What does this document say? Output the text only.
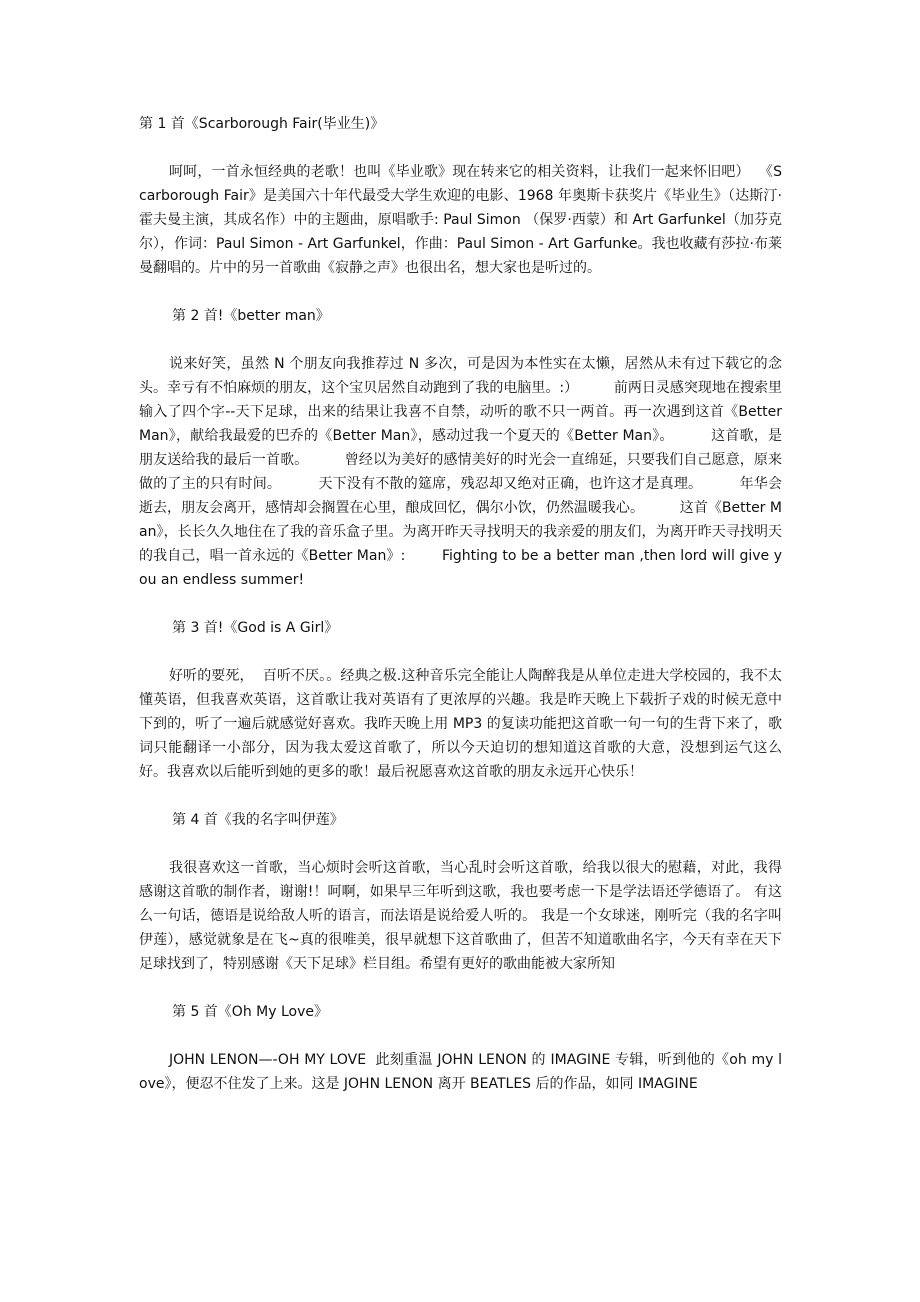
第 1 首《Scarborough Fair(毕业生)》

呵呵，一首永恒经典的老歌！也叫《毕业歌》现在转来它的相关资料，让我们一起来怀旧吧）  《Scarborough Fair》是美国六十年代最受大学生欢迎的电影、1968 年奥斯卡获奖片《毕业生》（达斯汀·霍夫曼主演，其成名作）中的主题曲，原唱歌手: Paul Simon （保罗·西蒙）和 Art Garfunkel（加芬克尔），作词：Paul Simon - Art Garfunkel，作曲：Paul Simon - Art Garfunke。我也收藏有莎拉·布莱曼翻唱的。片中的另一首歌曲《寂静之声》也很出名，想大家也是听过的。

第 2 首!《better man》

说来好笑，虽然 N 个朋友向我推荐过 N 多次，可是因为本性实在太懒，居然从未有过下载它的念头。幸亏有不怕麻烦的朋友，这个宝贝居然自动跑到了我的电脑里。:）        前两日灵感突现地在搜索里输入了四个字--天下足球，出来的结果让我喜不自禁，动听的歌不只一两首。再一次遇到这首《Better Man》，献给我最爱的巴乔的《Better Man》，感动过我一个夏天的《Better Man》。        这首歌，是朋友送给我的最后一首歌。        曾经以为美好的感情美好的时光会一直绵延，只要我们自己愿意，原来做的了主的只有时间。        天下没有不散的筵席，残忍却又绝对正确，也许这才是真理。        年华会逝去，朋友会离开，感情却会搁置在心里，酿成回忆，偶尔小饮，仍然温暖我心。        这首《Better Man》，长长久久地住在了我的音乐盒子里。为离开昨天寻找明天的我亲爱的朋友们，为离开昨天寻找明天的我自己，唱一首永远的《Better Man》:        Fighting to be a better man ,then lord will give you an endless summer!

第 3 首!《God is A Girl》

好听的要死，  百听不厌。。经典之极.这种音乐完全能让人陶醉我是从单位走进大学校园的，我不太懂英语，但我喜欢英语，这首歌让我对英语有了更浓厚的兴趣。我是昨天晚上下载折子戏的时候无意中下到的，听了一遍后就感觉好喜欢。我昨天晚上用 MP3 的复读功能把这首歌一句一句的生背下来了，歌词只能翻译一小部分，因为我太爱这首歌了，所以今天迫切的想知道这首歌的大意，没想到运气这么好。我喜欢以后能听到她的更多的歌！最后祝愿喜欢这首歌的朋友永远开心快乐！

第 4 首《我的名字叫伊莲》

我很喜欢这一首歌，当心烦时会听这首歌，当心乱时会听这首歌，给我以很大的慰藉，对此，我得感谢这首歌的制作者，谢谢!！呵啊，如果早三年听到这歌，我也要考虑一下是学法语还学德语了。 有这么一句话，德语是说给敌人听的语言，而法语是说给爱人听的。 我是一个女球迷，刚听完（我的名字叫伊莲），感觉就象是在飞~真的很唯美，很早就想下这首歌曲了，但苦不知道歌曲名字，今天有幸在天下足球找到了，特别感谢《天下足球》栏目组。希望有更好的歌曲能被大家所知

第 5 首《Oh My Love》

JOHN LENON—-OH MY LOVE  此刻重温 JOHN LENON 的 IMAGINE 专辑，听到他的《oh my love》，便忍不住发了上来。这是 JOHN LENON 离开 BEATLES 后的作品，如同 IMAGINE
